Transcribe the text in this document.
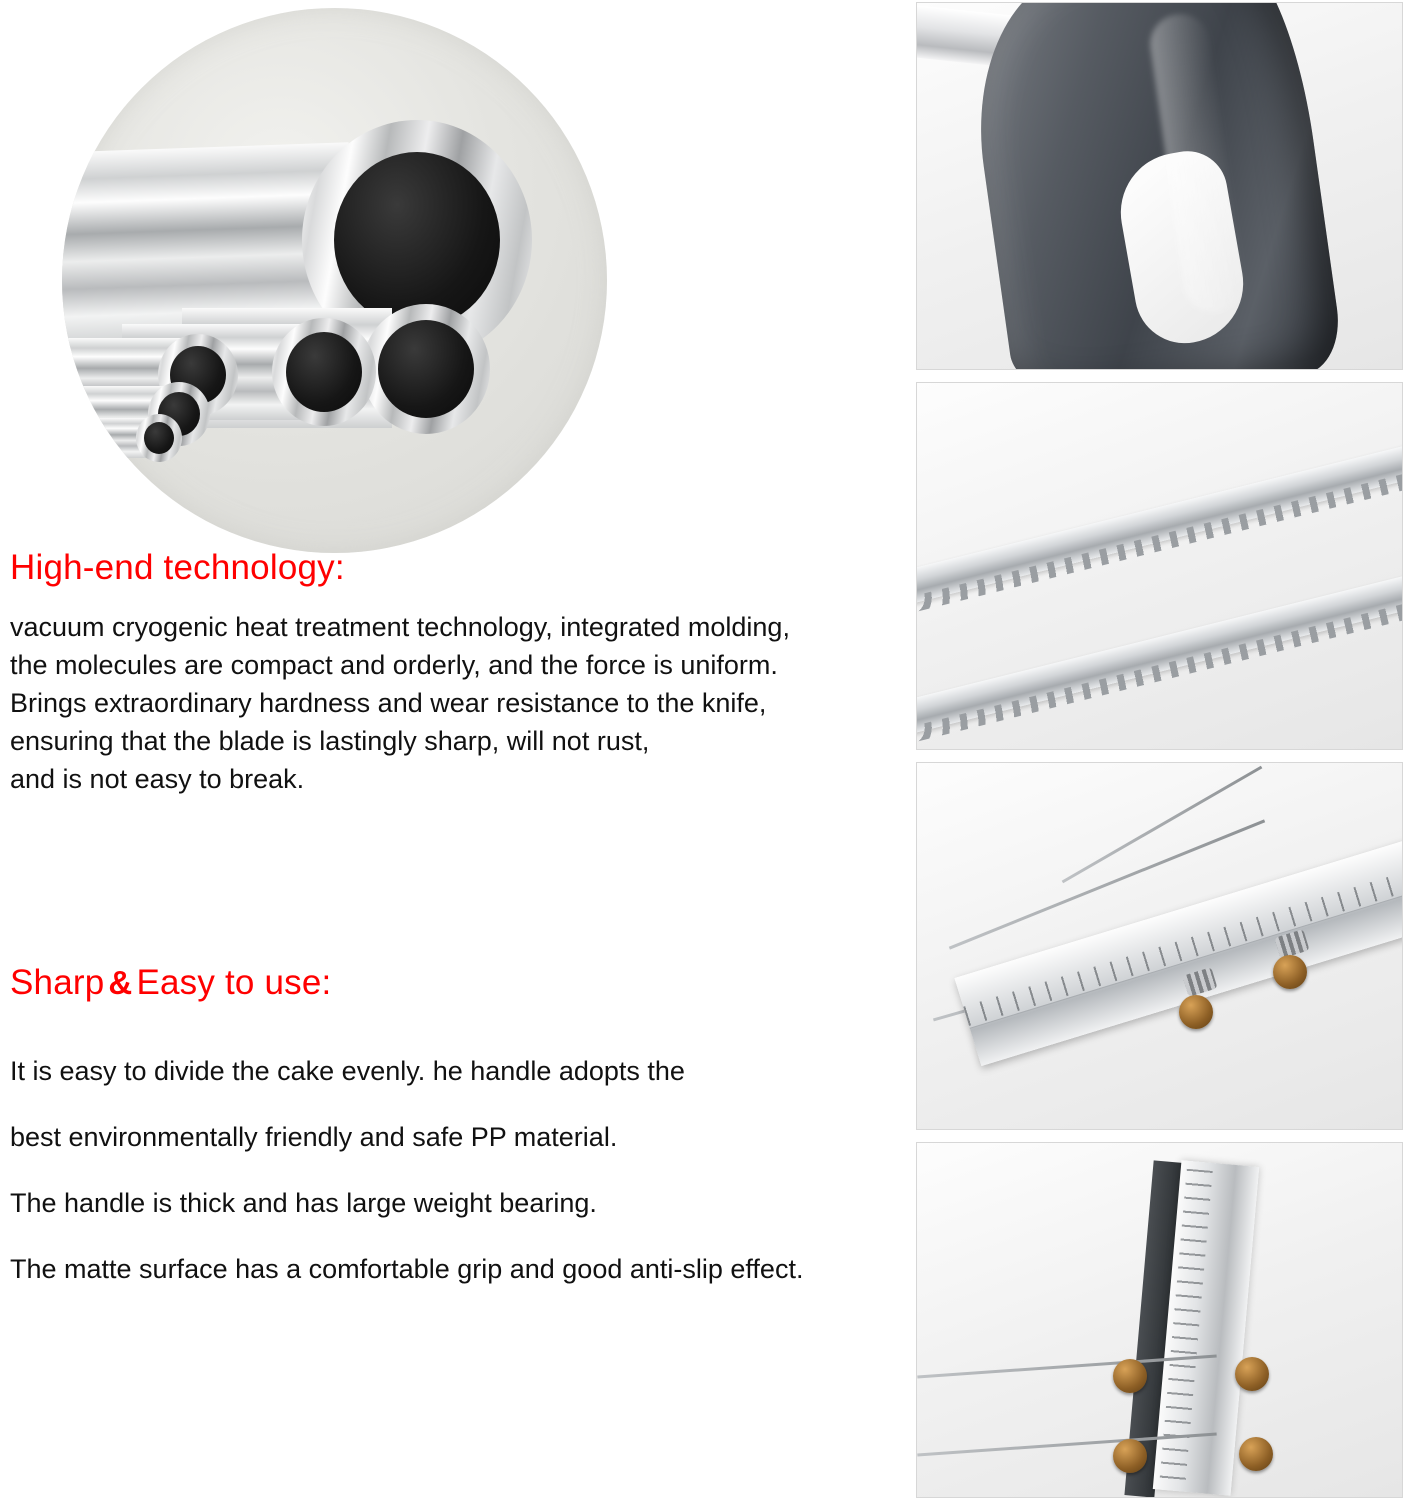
High-end technology:
vacuum cryogenic heat treatment technology, integrated molding,
the molecules are compact and orderly, and the force is uniform.
Brings extraordinary hardness and wear resistance to the knife,
ensuring that the blade is lastingly sharp, will not rust,
and is not easy to break.
Sharp & Easy to use:
It is easy to divide the cake evenly. he handle adopts the
best environmentally friendly and safe PP material.
The handle is thick and has large weight bearing.
The matte surface has a comfortable grip and good anti-slip effect.
